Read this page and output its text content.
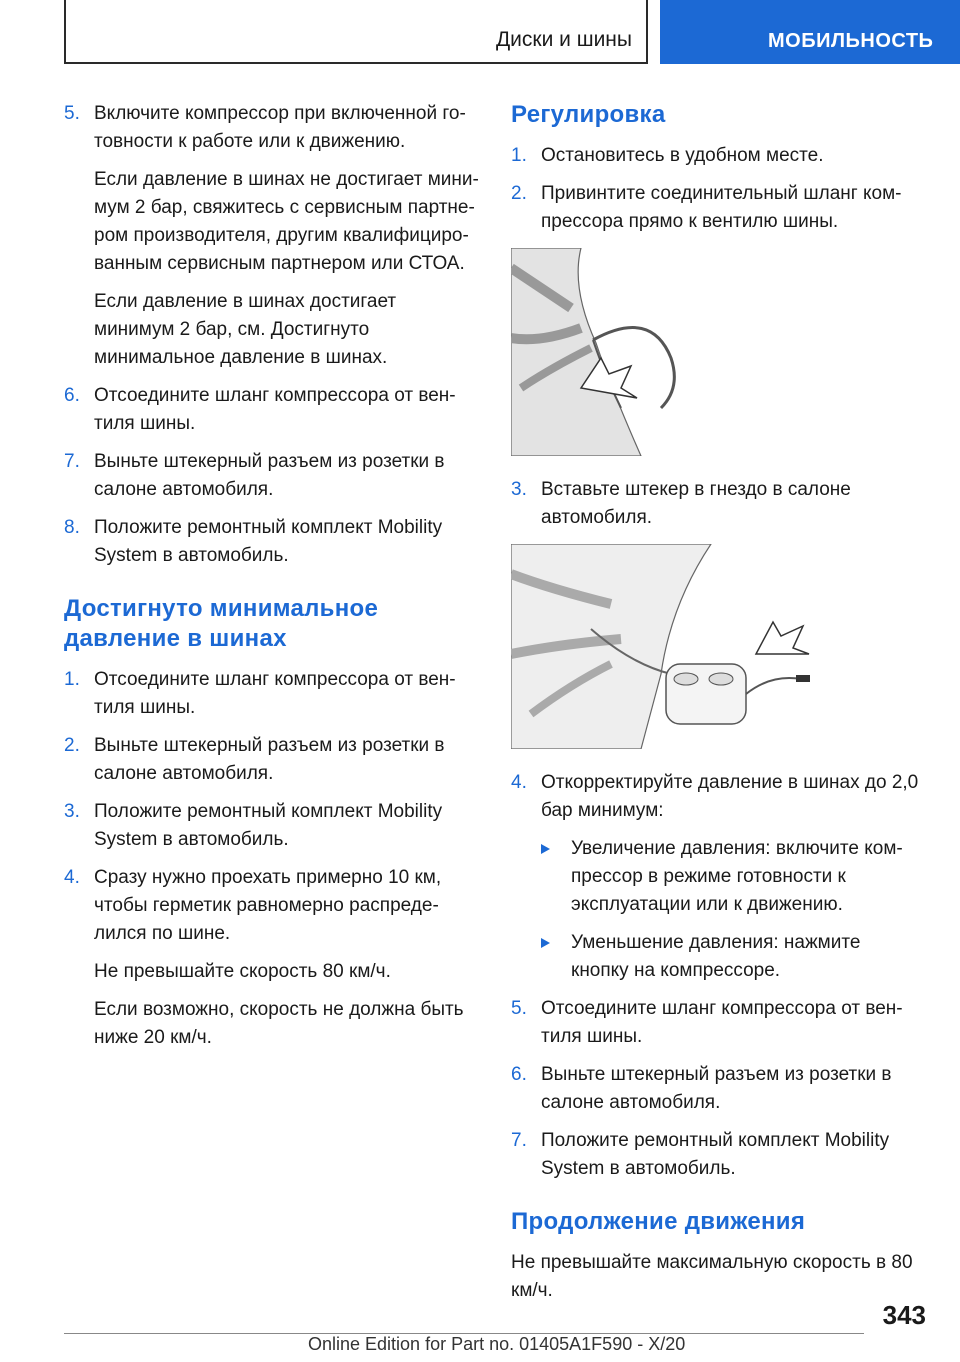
Диски и шины	МОБИЛЬНОСТЬ
5. Включите компрессор при включенной готовности к работе или к движению.
Если давление в шинах не достигает минимум 2 бар, свяжитесь с сервисным партнером производителя, другим квалифицированным сервисным партнером или СТОА.
Если давление в шинах достигает минимум 2 бар, см. Достигнуто минимальное давление в шинах.
6. Отсоедините шланг компрессора от вентиля шины.
7. Выньте штекерный разъем из розетки в салоне автомобиля.
8. Положите ремонтный комплект Mobility System в автомобиль.
Достигнуто минимальное давление в шинах
1. Отсоедините шланг компрессора от вентиля шины.
2. Выньте штекерный разъем из розетки в салоне автомобиля.
3. Положите ремонтный комплект Mobility System в автомобиль.
4. Сразу нужно проехать примерно 10 км, чтобы герметик равномерно распределился по шине.
Не превышайте скорость 80 км/ч.
Если возможно, скорость не должна быть ниже 20 км/ч.
Регулировка
1. Остановитесь в удобном месте.
2. Привинтите соединительный шланг компрессора прямо к вентилю шины.
3. Вставьте штекер в гнездо в салоне автомобиля.
4. Откорректируйте давление в шинах до 2,0 бар минимум:
Увеличение давления: включите компрессор в режиме готовности к эксплуатации или к движению.
Уменьшение давления: нажмите кнопку на компрессоре.
5. Отсоедините шланг компрессора от вентиля шины.
6. Выньте штекерный разъем из розетки в салоне автомобиля.
7. Положите ремонтный комплект Mobility System в автомобиль.
Продолжение движения
Не превышайте максимальную скорость в 80 км/ч.
343
Online Edition for Part no. 01405A1F590 - X/20
